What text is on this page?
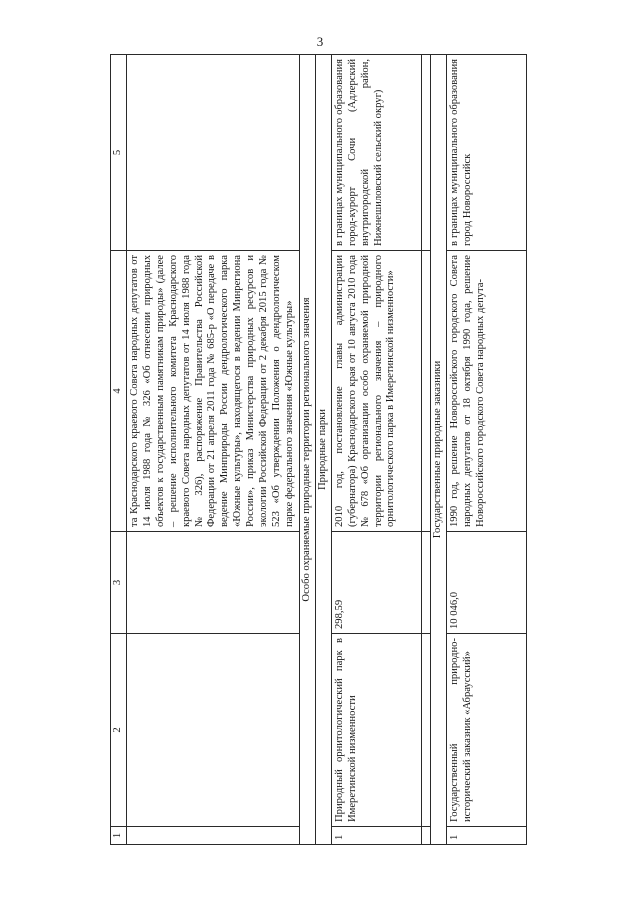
3
1	2	3	4	5
			та Краснодарского краевого Совета народных депутатов от 14 июля 1988 года № 326 «Об отнесении природных объектов к государственным памятникам природы» (далее – решение исполнительного комитета Краснодарского краевого Совета народных депутатов от 14 июля 1988 года № 326), распоряжение Правительства Российской Федерации от 21 апреля 2011 года № 685-р «О передаче в ведение Минприроды России дендрологического парка «Южные культуры», находящегося в ведении Минрегиона России», приказ Министерства природных ресурсов и экологии Российской Федерации от 2 декабря 2015 года № 523 «Об утверждении Положения о дендрологическом парке федерального значения «Южные культуры»	
Особо охраняемые природные территории регионального значения				
Природные парки				
1	Природный орнитологический парк в Имеретинской низменности	298,59	2010 год, постановление главы администрации (губернатора) Краснодарского края от 10 августа 2010 года № 678 «Об организации особо охраняемой природной территории регионального значения – природного орнитологического парка в Имеретинской низменности»	в границах муниципального образования город-курорт Сочи (Адлерский внутригородской район, Нижнешиловский сельский округ)

Государственные природные заказники				
1	Государственный природно-исторический заказник «Абраусский»	10 046,0	1990 год, решение Новороссийского городского Совета народных депутатов от 18 октября 1990 года, решение Новороссийского городского Совета народных депута-	в границах муниципального образования город Новороссийск
